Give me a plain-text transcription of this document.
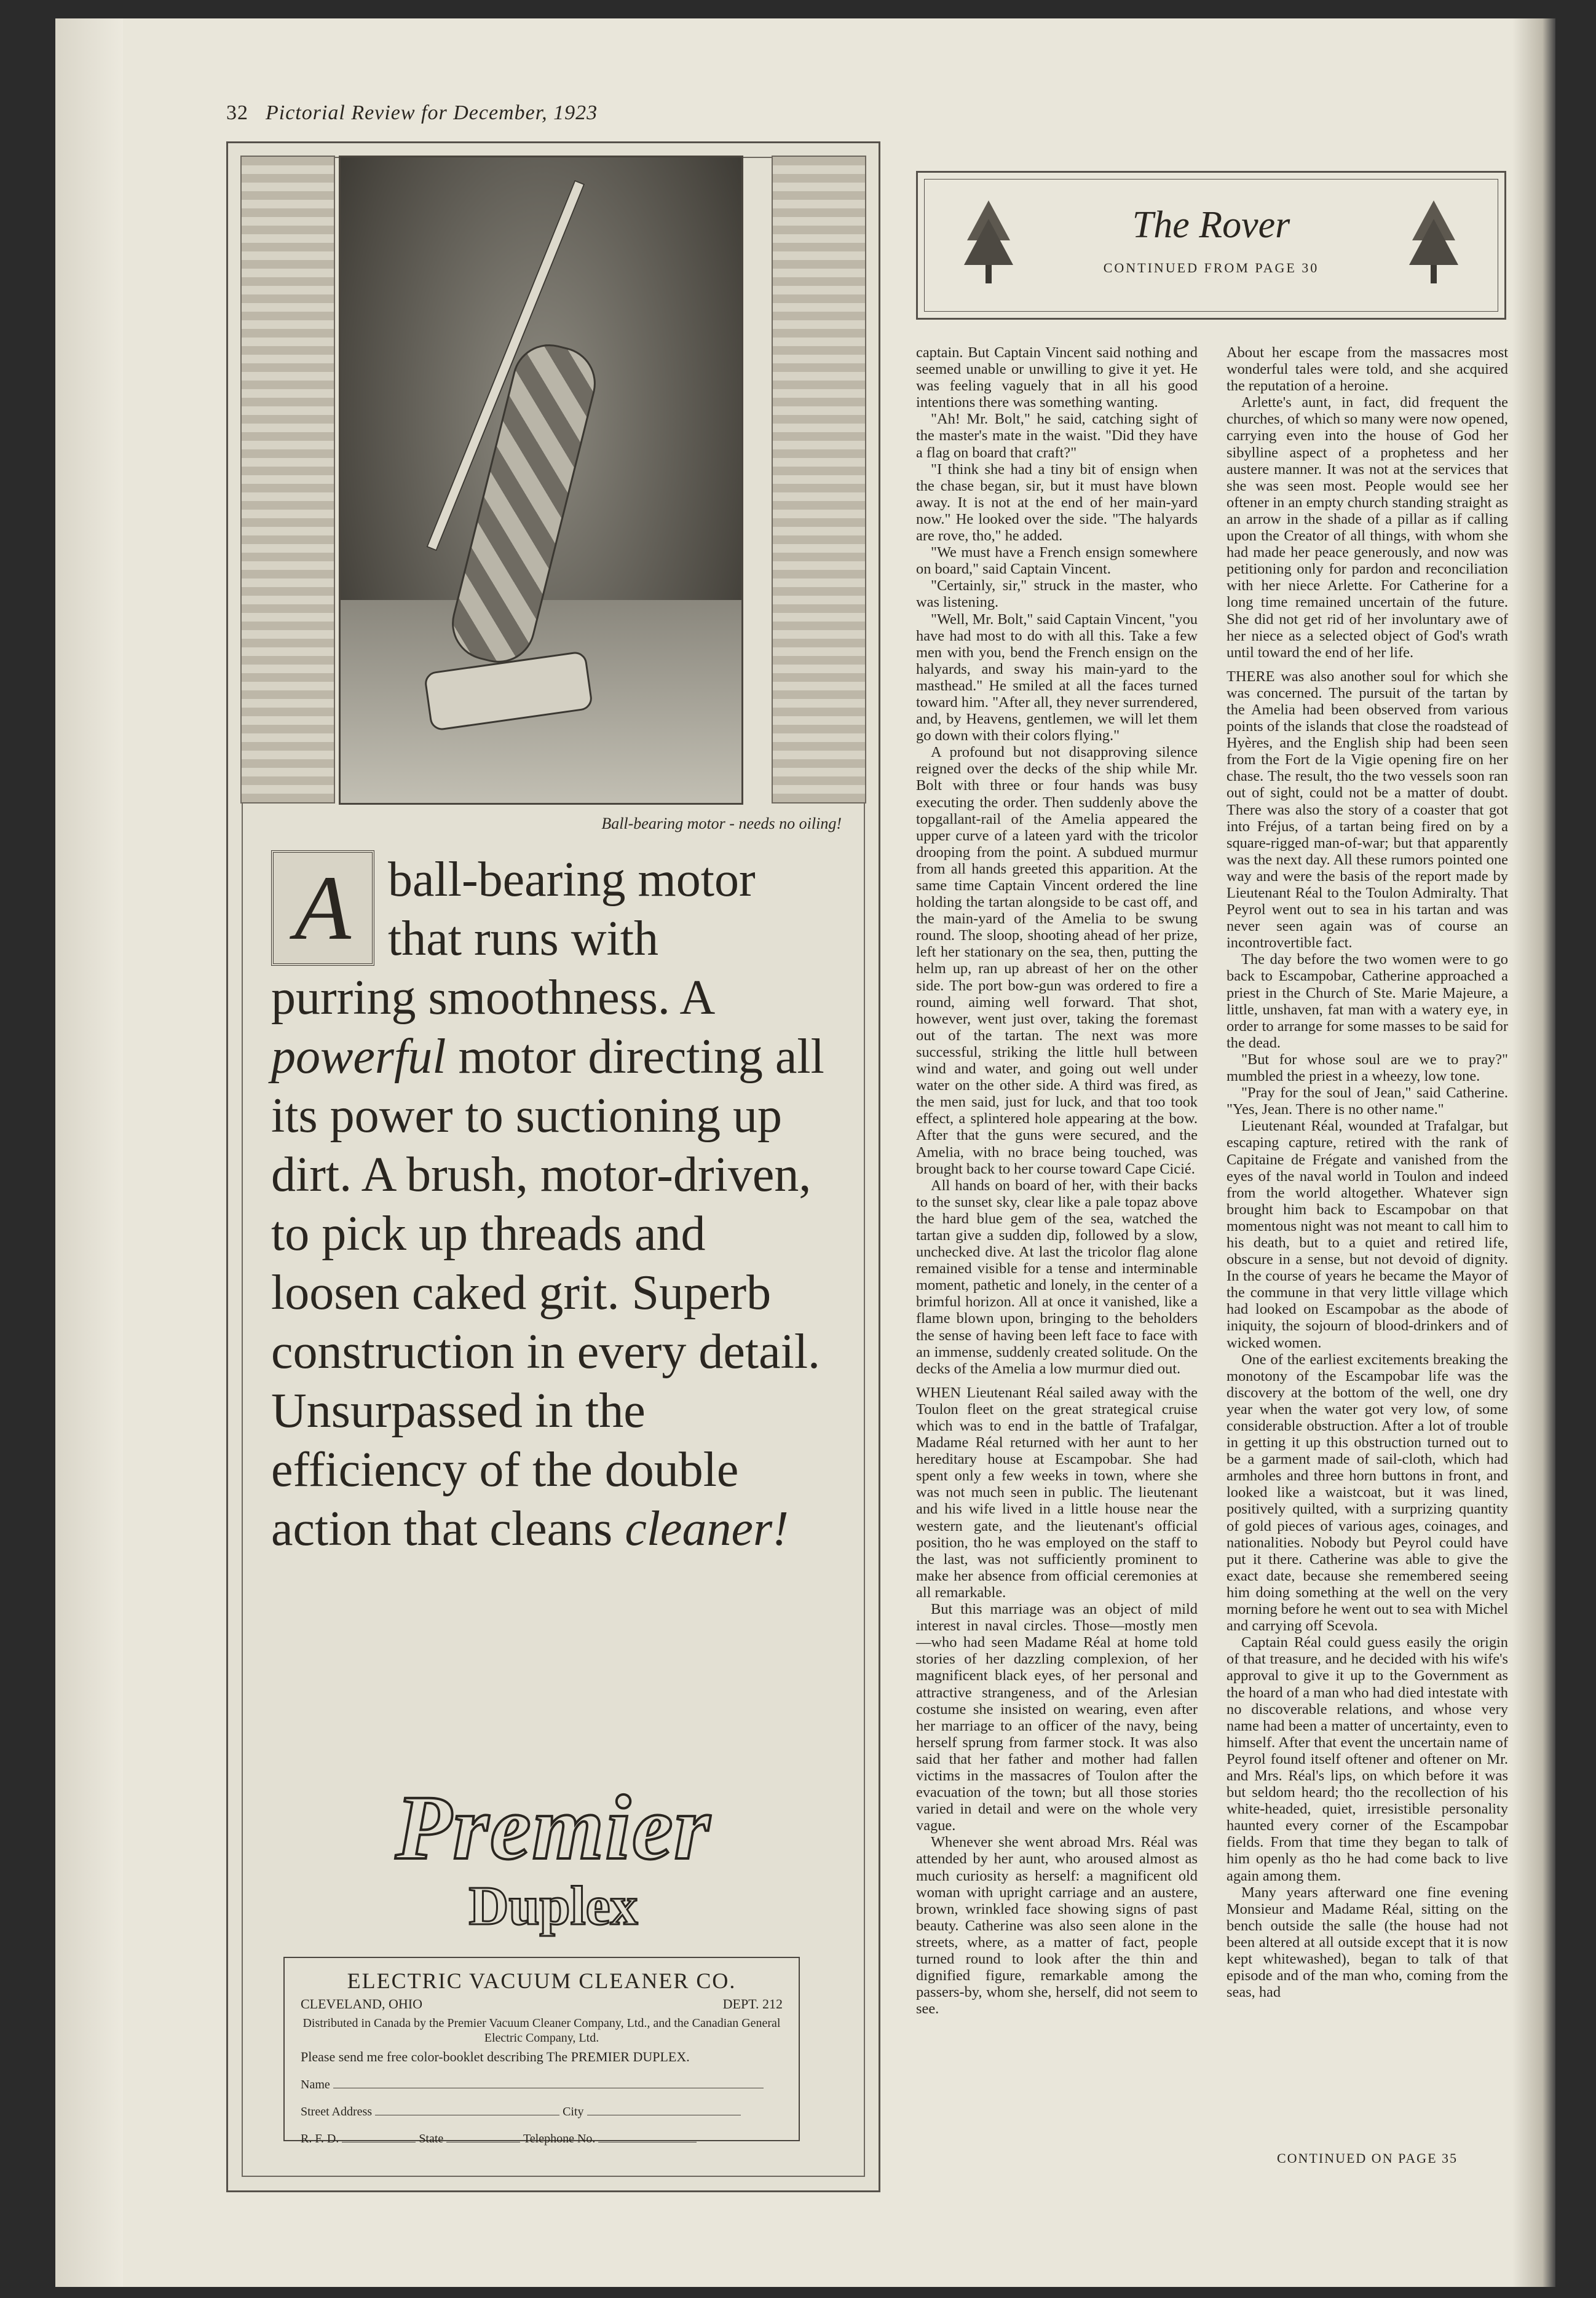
32 Pictorial Review for December, 1923
Ball-bearing motor - needs no oiling!
A ball-bearing motor
that runs with
purring smoothness. A powerful motor directing all its power to suctioning up dirt. A brush, motor-driven, to pick up threads and loosen caked grit. Superb construction in every detail. Unsurpassed in the efficiency of the double action that cleans cleaner!
Premier
Duplex
ELECTRIC VACUUM CLEANER CO.
CLEVELAND, OHIO	DEPT. 212
Distributed in Canada by the Premier Vacuum Cleaner Company, Ltd., and the Canadian General Electric Company, Ltd.
Please send me free color-booklet describing The PREMIER DUPLEX.
Name
Street Address	City
R. F. D.	State	Telephone No.
The Rover
CONTINUED FROM PAGE 30

captain. But Captain Vincent said nothing and seemed unable or unwilling to give it yet. He was feeling vaguely that in all his good intentions there was something wanting.

"Ah! Mr. Bolt," he said, catching sight of the master's mate in the waist. "Did they have a flag on board that craft?"

"I think she had a tiny bit of ensign when the chase began, sir, but it must have blown away. It is not at the end of her main-yard now." He looked over the side. "The halyards are rove, tho," he added.

"We must have a French ensign somewhere on board," said Captain Vincent.

"Certainly, sir," struck in the master, who was listening.

"Well, Mr. Bolt," said Captain Vincent, "you have had most to do with all this. Take a few men with you, bend the French ensign on the halyards, and sway his main-yard to the masthead." He smiled at all the faces turned toward him. "After all, they never surrendered, and, by Heavens, gentlemen, we will let them go down with their colors flying."

A profound but not disapproving silence reigned over the decks of the ship while Mr. Bolt with three or four hands was busy executing the order. Then suddenly above the topgallant-rail of the Amelia appeared the upper curve of a lateen yard with the tricolor drooping from the point. A subdued murmur from all hands greeted this apparition. At the same time Captain Vincent ordered the line holding the tartan alongside to be cast off, and the main-yard of the Amelia to be swung round. The sloop, shooting ahead of her prize, left her stationary on the sea, then, putting the helm up, ran up abreast of her on the other side. The port bow-gun was ordered to fire a round, aiming well forward. That shot, however, went just over, taking the foremast out of the tartan. The next was more successful, striking the little hull between wind and water, and going out well under water on the other side. A third was fired, as the men said, just for luck, and that too took effect, a splintered hole appearing at the bow. After that the guns were secured, and the Amelia, with no brace being touched, was brought back to her course toward Cape Cicié.

All hands on board of her, with their backs to the sunset sky, clear like a pale topaz above the hard blue gem of the sea, watched the tartan give a sudden dip, followed by a slow, unchecked dive. At last the tricolor flag alone remained visible for a tense and interminable moment, pathetic and lonely, in the center of a brimful horizon. All at once it vanished, like a flame blown upon, bringing to the beholders the sense of having been left face to face with an immense, suddenly created solitude. On the decks of the Amelia a low murmur died out.

WHEN Lieutenant Réal sailed away with the Toulon fleet on the great strategical cruise which was to end in the battle of Trafalgar, Madame Réal returned with her aunt to her hereditary house at Escampobar. She had spent only a few weeks in town, where she was not much seen in public. The lieutenant and his wife lived in a little house near the western gate, and the lieutenant's official position, tho he was employed on the staff to the last, was not sufficiently prominent to make her absence from official ceremonies at all remarkable.

But this marriage was an object of mild interest in naval circles. Those—mostly men—who had seen Madame Réal at home told stories of her dazzling complexion, of her magnificent black eyes, of her personal and attractive strangeness, and of the Arlesian costume she insisted on wearing, even after her marriage to an officer of the navy, being herself sprung from farmer stock. It was also said that her father and mother had fallen victims in the massacres of Toulon after the evacuation of the town; but all those stories varied in detail and were on the whole very vague.

Whenever she went abroad Mrs. Réal was attended by her aunt, who aroused almost as much curiosity as herself: a magnificent old woman with upright carriage and an austere, brown, wrinkled face showing signs of past beauty. Catherine was also seen alone in the streets, where, as a matter of fact, people turned round to look after the thin and dignified figure, remarkable among the passers-by, whom she, herself, did not seem to see.

About her escape from the massacres most wonderful tales were told, and she acquired the reputation of a heroine.

Arlette's aunt, in fact, did frequent the churches, of which so many were now opened, carrying even into the house of God her sibylline aspect of a prophetess and her austere manner. It was not at the services that she was seen most. People would see her oftener in an empty church standing straight as an arrow in the shade of a pillar as if calling upon the Creator of all things, with whom she had made her peace generously, and now was petitioning only for pardon and reconciliation with her niece Arlette. For Catherine for a long time remained uncertain of the future. She did not get rid of her involuntary awe of her niece as a selected object of God's wrath until toward the end of her life.

THERE was also another soul for which she was concerned. The pursuit of the tartan by the Amelia had been observed from various points of the islands that close the roadstead of Hyères, and the English ship had been seen from the Fort de la Vigie opening fire on her chase. The result, tho the two vessels soon ran out of sight, could not be a matter of doubt. There was also the story of a coaster that got into Fréjus, of a tartan being fired on by a square-rigged man-of-war; but that apparently was the next day. All these rumors pointed one way and were the basis of the report made by Lieutenant Réal to the Toulon Admiralty. That Peyrol went out to sea in his tartan and was never seen again was of course an incontrovertible fact.

The day before the two women were to go back to Escampobar, Catherine approached a priest in the Church of Ste. Marie Majeure, a little, unshaven, fat man with a watery eye, in order to arrange for some masses to be said for the dead.

"But for whose soul are we to pray?" mumbled the priest in a wheezy, low tone.

"Pray for the soul of Jean," said Catherine. "Yes, Jean. There is no other name."

Lieutenant Réal, wounded at Trafalgar, but escaping capture, retired with the rank of Capitaine de Frégate and vanished from the eyes of the naval world in Toulon and indeed from the world altogether. Whatever sign brought him back to Escampobar on that momentous night was not meant to call him to his death, but to a quiet and retired life, obscure in a sense, but not devoid of dignity. In the course of years he became the Mayor of the commune in that very little village which had looked on Escampobar as the abode of iniquity, the sojourn of blood-drinkers and of wicked women.

One of the earliest excitements breaking the monotony of the Escampobar life was the discovery at the bottom of the well, one dry year when the water got very low, of some considerable obstruction. After a lot of trouble in getting it up this obstruction turned out to be a garment made of sail-cloth, which had armholes and three horn buttons in front, and looked like a waistcoat, but it was lined, positively quilted, with a surprizing quantity of gold pieces of various ages, coinages, and nationalities. Nobody but Peyrol could have put it there. Catherine was able to give the exact date, because she remembered seeing him doing something at the well on the very morning before he went out to sea with Michel and carrying off Scevola.

Captain Réal could guess easily the origin of that treasure, and he decided with his wife's approval to give it up to the Government as the hoard of a man who had died intestate with no discoverable relations, and whose very name had been a matter of uncertainty, even to himself. After that event the uncertain name of Peyrol found itself oftener and oftener on Mr. and Mrs. Réal's lips, on which before it was but seldom heard; tho the recollection of his white-headed, quiet, irresistible personality haunted every corner of the Escampobar fields. From that time they began to talk of him openly as tho he had come back to live again among them.

Many years afterward one fine evening Monsieur and Madame Réal, sitting on the bench outside the salle (the house had not been altered at all outside except that it is now kept whitewashed), began to talk of that episode and of the man who, coming from the seas, had

CONTINUED ON PAGE 35
